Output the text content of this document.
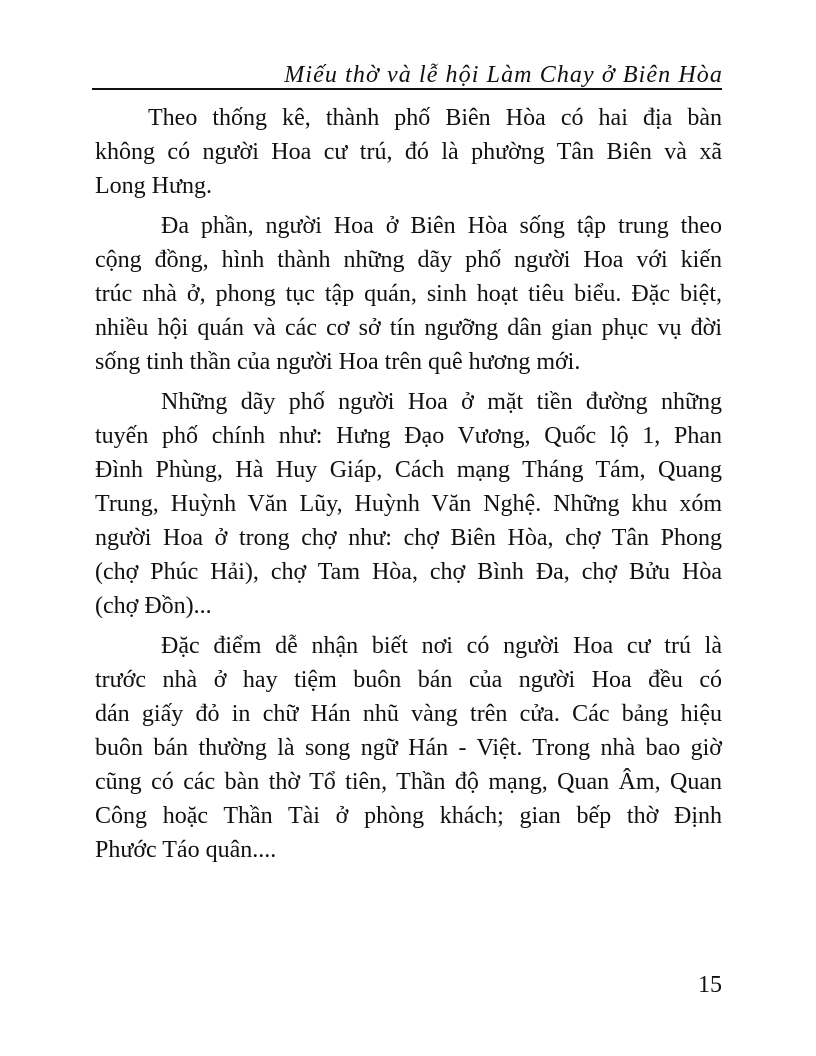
Miếu thờ và lễ hội Làm Chay ở Biên Hòa
Theo thống kê, thành phố Biên Hòa có hai địa bàn
không có người Hoa cư trú, đó là phường Tân Biên và xã
Long Hưng.
Đa phần, người Hoa ở Biên Hòa sống tập trung theo
cộng đồng, hình thành những dãy phố người Hoa với kiến
trúc nhà ở, phong tục tập quán, sinh hoạt tiêu biểu. Đặc biệt,
nhiều hội quán và các cơ sở tín ngưỡng dân gian phục vụ đời
sống tinh thần của người Hoa trên quê hương mới.
Những dãy phố người Hoa ở mặt tiền đường những
tuyến phố chính như: Hưng Đạo Vương, Quốc lộ 1, Phan
Đình Phùng, Hà Huy Giáp, Cách mạng Tháng Tám, Quang
Trung, Huỳnh Văn Lũy, Huỳnh Văn Nghệ. Những khu xóm
người Hoa ở trong chợ như: chợ Biên Hòa, chợ Tân Phong
(chợ Phúc Hải), chợ Tam Hòa, chợ Bình Đa, chợ Bửu Hòa
(chợ Đồn)...
Đặc điểm dễ nhận biết nơi có người Hoa cư trú là
trước nhà ở hay tiệm buôn bán của người Hoa đều có
dán giấy đỏ in chữ Hán nhũ vàng trên cửa. Các bảng hiệu
buôn bán thường là song ngữ Hán - Việt. Trong nhà bao giờ
cũng có các bàn thờ Tổ tiên, Thần độ mạng, Quan Âm, Quan
Công hoặc Thần Tài ở phòng khách; gian bếp thờ Định
Phước Táo quân....
15
